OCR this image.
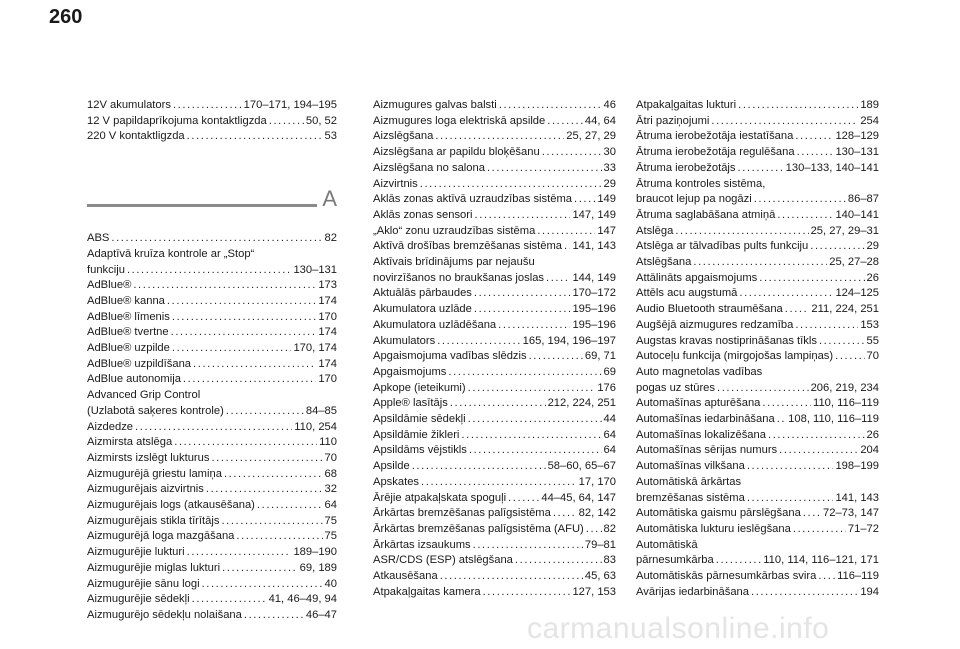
260
12V akumulators .....	170–171, 194–195
12 V papildaprīkojuma kontaktligzda .....	50, 52
220 V kontaktligzda .....	53
A
ABS .....	82
Adaptīvā kruīza kontrole ar „Stop“
funkciju .....	130–131
AdBlue® .....	173
AdBlue® kanna .....	174
AdBlue® līmenis .....	170
AdBlue® tvertne .....	174
AdBlue® uzpilde .....	170, 174
AdBlue® uzpildīšana .....	174
AdBlue autonomija .....	170
Advanced Grip Control
(Uzlabotā saķeres kontrole) .....	84–85
Aizdedze .....	110, 254
Aizmirsta atslēga .....	110
Aizmirsts izslēgt lukturus .....	70
Aizmugurējā griestu lamiņa .....	68
Aizmugurējais aizvirtnis .....	32
Aizmugurējais logs (atkausēšana) .....	64
Aizmugurējais stikla tīrītājs .....	75
Aizmugurējā loga mazgāšana .....	75
Aizmugurējie lukturi .....	189–190
Aizmugurējie miglas lukturi .....	69, 189
Aizmugurējie sānu logi .....	40
Aizmugurējie sēdekļi .....	41, 46–49, 94
Aizmugurējo sēdekļu nolaišana .....	46–47
Aizmugures galvas balsti .....	46
Aizmugures loga elektriskā apsilde .....	44, 64
Aizslēgšana .....	25, 27, 29
Aizslēgšana ar papildu bloķēšanu .....	30
Aizslēgšana no salona .....	33
Aizvirtnis .....	29
Aklās zonas aktīvā uzraudzības sistēma ..... 149
Aklās zonas sensori .....	147, 149
„Aklo“ zonu uzraudzības sistēma .....	147
Aktīvā drošības bremzēšanas sistēma ..... 141, 143
Aktīvais brīdinājums par nejaušu
novirzīšanos no braukšanas joslas .....	144, 149
Aktuālās pārbaudes .....	170–172
Akumulatora uzlāde .....	195–196
Akumulatora uzlādēšana .....	195–196
Akumulators .....	165, 194, 196–197
Apgaismojuma vadības slēdzis .....	69, 71
Apgaismojums .....	69
Apkope (ieteikumi) .....	176
Apple® lasītājs .....	212, 224, 251
Apsildāmie sēdekļi .....	44
Apsildāmie žikleri .....	64
Apsildāms vējstikls .....	64
Apsilde .....	58–60, 65–67
Apskates .....	17, 170
Ārējie atpakaļskata spoguļi .....	44–45, 64, 147
Ārkārtas bremzēšanas palīgsistēma ..... 82, 142
Ārkārtas bremzēšanas palīgsistēma (AFU) ..... 82
Ārkārtas izsaukums .....	79–81
ASR/CDS (ESP) atslēgšana .....	83
Atkausēšana .....	45, 63
Atpakaļgaitas kamera .....	127, 153
Atpakaļgaitas lukturi .....	189
Ātri paziņojumi .....	254
Ātruma ierobežotāja iestatīšana .....	128–129
Ātruma ierobežotāja regulēšana .....	130–131
Ātruma ierobežotājs .....	130–133, 140–141
Ātruma kontroles sistēma,
braucot lejup pa nogāzi .....	86–87
Ātruma saglabāšana atmiņā .....	140–141
Atslēga .....	25, 27, 29–31
Atslēga ar tālvadības pults funkciju .....	29
Atslēgšana .....	25, 27–28
Attālināts apgaismojums .....	26
Attēls acu augstumā .....	124–125
Audio Bluetooth straumēšana .....	211, 224, 251
Augšējā aizmugures redzamība .....	153
Augstas kravas nostiprināšanas tīkls .....	55
Autoceļu funkcija (mirgojošas lampiņas) .....	70
Auto magnetolas vadības
pogas uz stūres .....	206, 219, 234
Automašīnas apturēšana .....	110, 116–119
Automašīnas iedarbināšana ..... 108, 110, 116–119
Automašīnas lokalizēšana .....	26
Automašīnas sērijas numurs .....	204
Automašīnas vilkšana .....	198–199
Automātiskā ārkārtas
bremzēšanas sistēma .....	141, 143
Automātiska gaismu pārslēgšana ..... 72–73, 147
Automātiska lukturu ieslēgšana .....	71–72
Automātiskā
pārnesumkārba .....	110, 114, 116–121, 171
Automātiskās pārnesumkārbas svira ..... 116–119
Avārijas iedarbināšana .....	194
carmanualsonline.info
